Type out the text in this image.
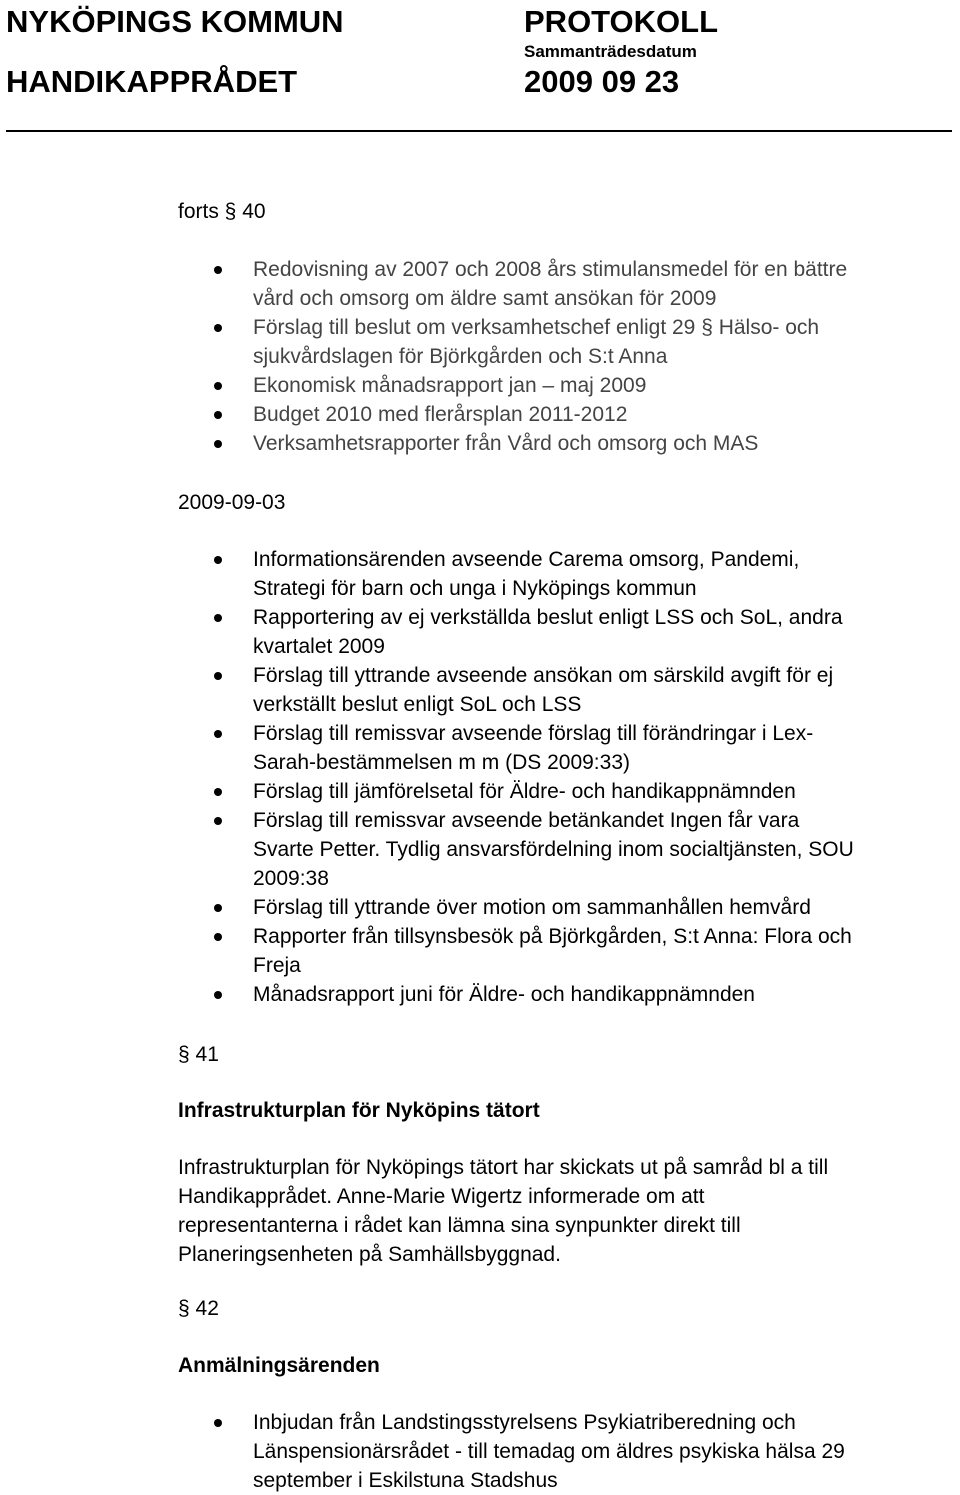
NYKÖPINGS KOMMUN
HANDIKAPPRÅDET
PROTOKOLL
Sammanträdesdatum
2009 09 23
forts § 40
Redovisning av 2007 och 2008 års stimulansmedel för en bättre
vård och omsorg om äldre samt ansökan för 2009
Förslag till beslut om verksamhetschef enligt 29 § Hälso- och
sjukvårdslagen för Björkgården och S:t Anna
Ekonomisk månadsrapport jan – maj 2009
Budget 2010 med flerårsplan 2011-2012
Verksamhetsrapporter från Vård och omsorg och MAS
2009-09-03
Informationsärenden avseende Carema omsorg, Pandemi,
Strategi för barn och unga i Nyköpings kommun
Rapportering av ej verkställda beslut enligt LSS och SoL, andra
kvartalet 2009
Förslag till yttrande avseende ansökan om särskild avgift för ej
verkställt beslut enligt SoL och LSS
Förslag till remissvar avseende förslag till förändringar i Lex-
Sarah-bestämmelsen m m (DS 2009:33)
Förslag till jämförelsetal för Äldre- och handikappnämnden
Förslag till remissvar avseende betänkandet Ingen får vara
Svarte Petter. Tydlig ansvarsfördelning inom socialtjänsten, SOU
2009:38
Förslag till yttrande över motion om sammanhållen hemvård
Rapporter från tillsynsbesök på Björkgården, S:t Anna: Flora och
Freja
Månadsrapport juni för Äldre- och handikappnämnden
§ 41
Infrastrukturplan för Nyköpins tätort
Infrastrukturplan för Nyköpings tätort har skickats ut på samråd bl a till
Handikapprådet. Anne-Marie Wigertz informerade om att
representanterna i rådet kan lämna sina synpunkter direkt till
Planeringsenheten på Samhällsbyggnad.
§ 42
Anmälningsärenden
Inbjudan från Landstingsstyrelsens Psykiatriberedning och
Länspensionärsrådet - till temadag om äldres psykiska hälsa 29
september i Eskilstuna Stadshus
